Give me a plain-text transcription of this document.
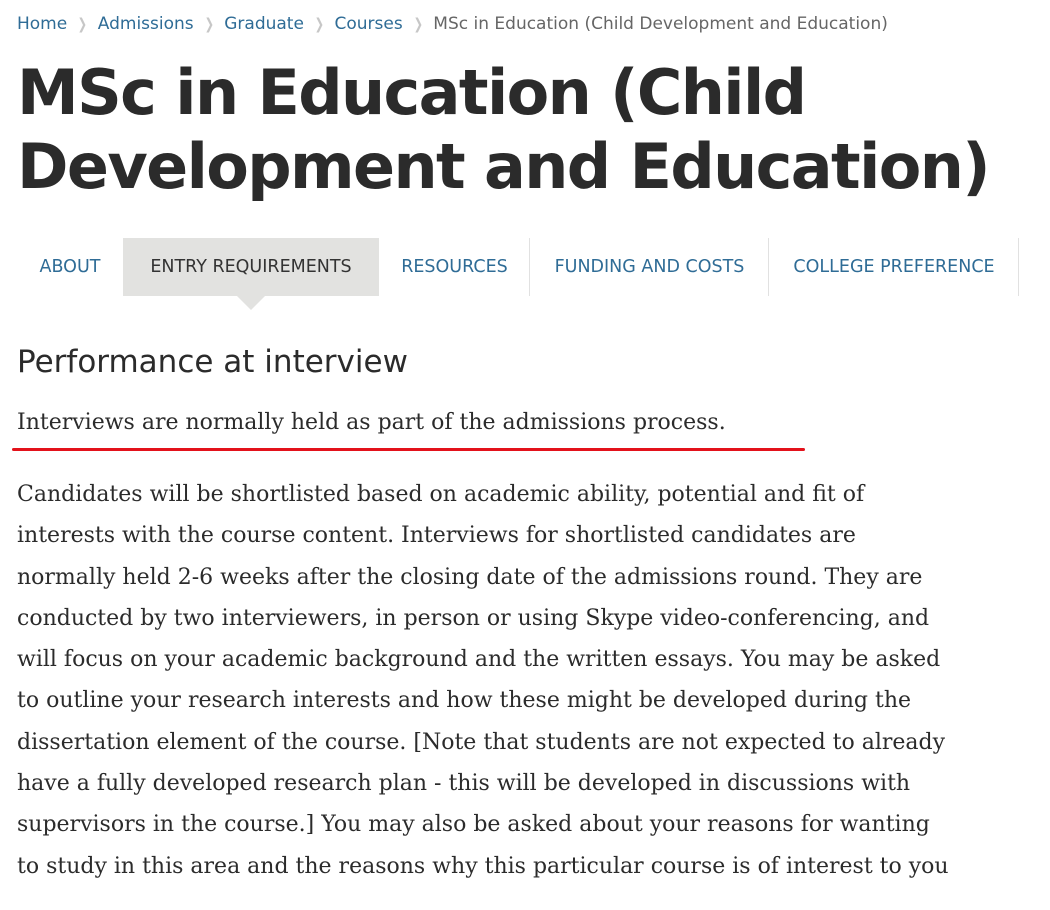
Home ❯ Admissions ❯ Graduate ❯ Courses ❯ MSc in Education (Child Development and Education)
MSc in Education (Child
Development and Education)
ABOUT	ENTRY REQUIREMENTS	RESOURCES	FUNDING AND COSTS	COLLEGE PREFERENCE
Performance at interview

Interviews are normally held as part of the admissions process.

Candidates will be shortlisted based on academic ability, potential and fit of
interests with the course content. Interviews for shortlisted candidates are
normally held 2-6 weeks after the closing date of the admissions round. They are
conducted by two interviewers, in person or using Skype video-conferencing, and
will focus on your academic background and the written essays. You may be asked
to outline your research interests and how these might be developed during the
dissertation element of the course. [Note that students are not expected to already
have a fully developed research plan - this will be developed in discussions with
supervisors in the course.] You may also be asked about your reasons for wanting
to study in this area and the reasons why this particular course is of interest to you
